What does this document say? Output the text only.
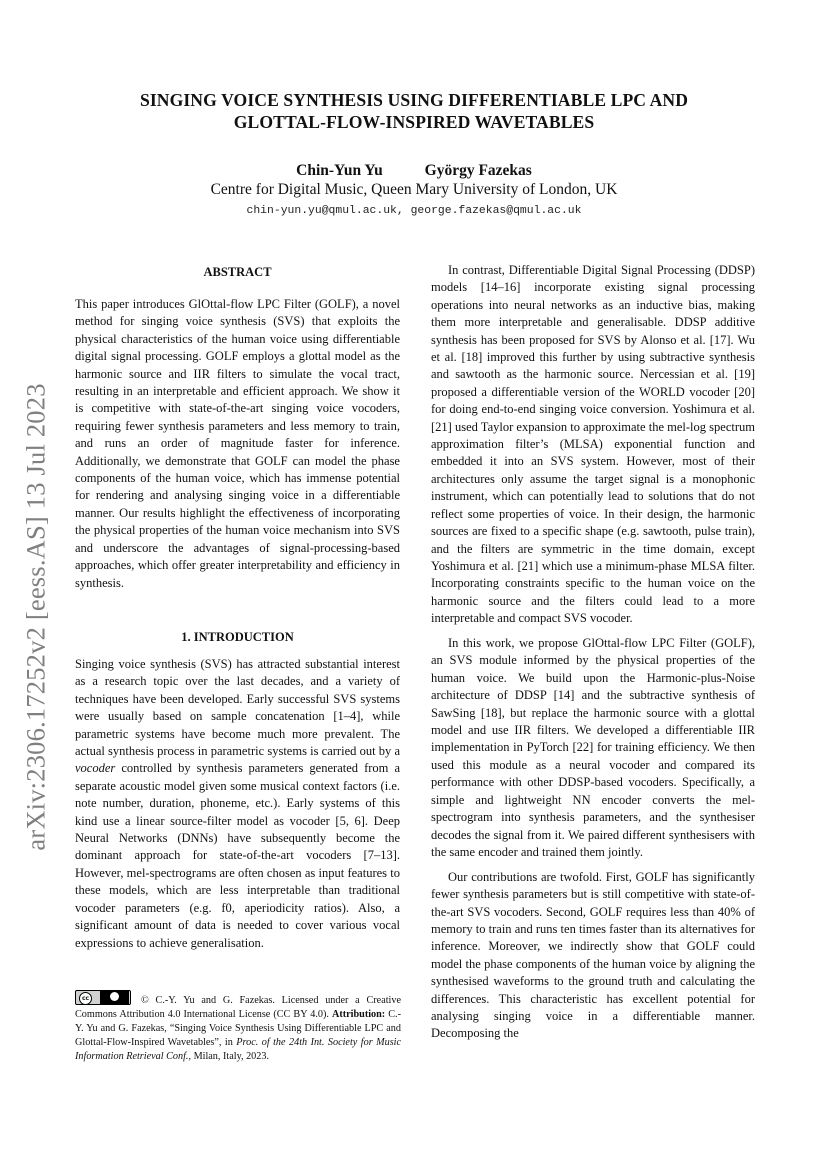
arXiv:2306.17252v2 [eess.AS] 13 Jul 2023
SINGING VOICE SYNTHESIS USING DIFFERENTIABLE LPC AND
GLOTTAL-FLOW-INSPIRED WAVETABLES
Chin-Yun Yu	György Fazekas
Centre for Digital Music, Queen Mary University of London, UK
chin-yun.yu@qmul.ac.uk, george.fazekas@qmul.ac.uk
ABSTRACT

This paper introduces GlOttal-flow LPC Filter (GOLF), a novel method for singing voice synthesis (SVS) that exploits the physical characteristics of the human voice using differentiable digital signal processing. GOLF employs a glottal model as the harmonic source and IIR filters to simulate the vocal tract, resulting in an interpretable and efficient approach. We show it is competitive with state-of-the-art singing voice vocoders, requiring fewer synthesis parameters and less memory to train, and runs an order of magnitude faster for inference. Additionally, we demonstrate that GOLF can model the phase components of the human voice, which has immense potential for rendering and analysing singing voice in a differentiable manner. Our results highlight the effectiveness of incorporating the physical properties of the human voice mechanism into SVS and underscore the advantages of signal-processing-based approaches, which offer greater interpretability and efficiency in synthesis.

1. INTRODUCTION

Singing voice synthesis (SVS) has attracted substantial interest as a research topic over the last decades, and a variety of techniques have been developed. Early successful SVS systems were usually based on sample concatenation [1–4], while parametric systems have become much more prevalent. The actual synthesis process in parametric systems is carried out by a vocoder controlled by synthesis parameters generated from a separate acoustic model given some musical context factors (i.e. note number, duration, phoneme, etc.). Early systems of this kind use a linear source-filter model as vocoder [5, 6]. Deep Neural Networks (DNNs) have subsequently become the dominant approach for state-of-the-art vocoders [7–13]. However, mel-spectrograms are often chosen as input features to these models, which are less interpretable than traditional vocoder parameters (e.g. f0, aperiodicity ratios). Also, a significant amount of data is needed to cover various vocal expressions to achieve generalisation.

cc	© C.-Y. Yu and G. Fazekas. Licensed under a Creative Commons Attribution 4.0 International License (CC BY 4.0). Attribution: C.-Y. Yu and G. Fazekas, “Singing Voice Synthesis Using Differentiable LPC and Glottal-Flow-Inspired Wavetables”, in Proc. of the 24th Int. Society for Music Information Retrieval Conf., Milan, Italy, 2023.

In contrast, Differentiable Digital Signal Processing (DDSP) models [14–16] incorporate existing signal processing operations into neural networks as an inductive bias, making them more interpretable and generalisable. DDSP additive synthesis has been proposed for SVS by Alonso et al. [17]. Wu et al. [18] improved this further by using subtractive synthesis and sawtooth as the harmonic source. Nercessian et al. [19] proposed a differentiable version of the WORLD vocoder [20] for doing end-to-end singing voice conversion. Yoshimura et al. [21] used Taylor expansion to approximate the mel-log spectrum approximation filter’s (MLSA) exponential function and embedded it into an SVS system. However, most of their architectures only assume the target signal is a monophonic instrument, which can potentially lead to solutions that do not reflect some properties of voice. In their design, the harmonic sources are fixed to a specific shape (e.g. sawtooth, pulse train), and the filters are symmetric in the time domain, except Yoshimura et al. [21] which use a minimum-phase MLSA filter. Incorporating constraints specific to the human voice on the harmonic source and the filters could lead to a more interpretable and compact SVS vocoder.

In this work, we propose GlOttal-flow LPC Filter (GOLF), an SVS module informed by the physical properties of the human voice. We build upon the Harmonic-plus-Noise architecture of DDSP [14] and the subtractive synthesis of SawSing [18], but replace the harmonic source with a glottal model and use IIR filters. We developed a differentiable IIR implementation in PyTorch [22] for training efficiency. We then used this module as a neural vocoder and compared its performance with other DDSP-based vocoders. Specifically, a simple and lightweight NN encoder converts the mel-spectrogram into synthesis parameters, and the synthesiser decodes the signal from it. We paired different synthesisers with the same encoder and trained them jointly.

Our contributions are twofold. First, GOLF has significantly fewer synthesis parameters but is still competitive with state-of-the-art SVS vocoders. Second, GOLF requires less than 40% of memory to train and runs ten times faster than its alternatives for inference. Moreover, we indirectly show that GOLF could model the phase components of the human voice by aligning the synthesised waveforms to the ground truth and calculating the differences. This characteristic has excellent potential for analysing singing voice in a differentiable manner. Decomposing the
